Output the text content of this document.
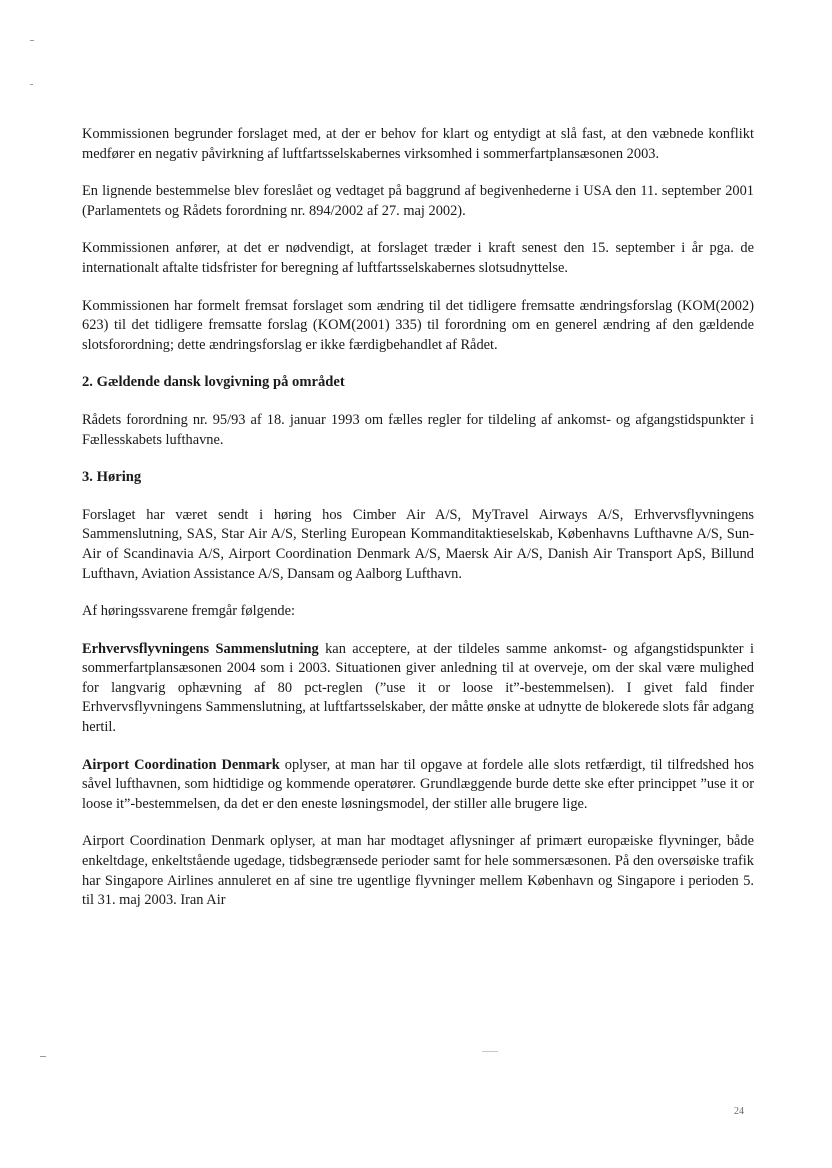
Kommissionen begrunder forslaget med, at der er behov for klart og entydigt at slå fast, at den væbnede konflikt medfører en negativ påvirkning af luftfartsselskabernes virksomhed i sommerfartplansæsonen 2003.

En lignende bestemmelse blev foreslået og vedtaget på baggrund af begivenhederne i USA den 11. september 2001 (Parlamentets og Rådets forordning nr. 894/2002 af 27. maj 2002).

Kommissionen anfører, at det er nødvendigt, at forslaget træder i kraft senest den 15. september i år pga. de internationalt aftalte tidsfrister for beregning af luftfartsselskabernes slotsudnyttelse.

Kommissionen har formelt fremsat forslaget som ændring til det tidligere fremsatte ændringsforslag (KOM(2002) 623) til det tidligere fremsatte forslag (KOM(2001) 335) til forordning om en generel ændring af den gældende slotsforordning; dette ændringsforslag er ikke færdigbehandlet af Rådet.

2. Gældende dansk lovgivning på området

Rådets forordning nr. 95/93 af 18. januar 1993 om fælles regler for tildeling af ankomst- og afgangstidspunkter i Fællesskabets lufthavne.

3. Høring

Forslaget har været sendt i høring hos Cimber Air A/S, MyTravel Airways A/S, Erhvervsflyvningens Sammenslutning, SAS, Star Air A/S, Sterling European Kommanditaktieselskab, Københavns Lufthavne A/S, Sun-Air of Scandinavia A/S, Airport Coordination Denmark A/S, Maersk Air A/S, Danish Air Transport ApS, Billund Lufthavn, Aviation Assistance A/S, Dansam og Aalborg Lufthavn.

Af høringssvarene fremgår følgende:

Erhvervsflyvningens Sammenslutning kan acceptere, at der tildeles samme ankomst- og afgangstidspunkter i sommerfartplansæsonen 2004 som i 2003. Situationen giver anledning til at overveje, om der skal være mulighed for langvarig ophævning af 80 pct-reglen (”use it or loose it”-bestemmelsen). I givet fald finder Erhvervsflyvningens Sammenslutning, at luftfartsselskaber, der måtte ønske at udnytte de blokerede slots får adgang hertil.

Airport Coordination Denmark oplyser, at man har til opgave at fordele alle slots retfærdigt, til tilfredshed hos såvel lufthavnen, som hidtidige og kommende operatører. Grundlæggende burde dette ske efter princippet ”use it or loose it”-bestemmelsen, da det er den eneste løsningsmodel, der stiller alle brugere lige.

Airport Coordination Denmark oplyser, at man har modtaget aflysninger af primært europæiske flyvninger, både enkeltdage, enkeltstående ugedage, tidsbegrænsede perioder samt for hele sommersæsonen. På den oversøiske trafik har Singapore Airlines annuleret en af sine tre ugentlige flyvninger mellem København og Singapore i perioden 5. til 31. maj 2003. Iran Air

24
